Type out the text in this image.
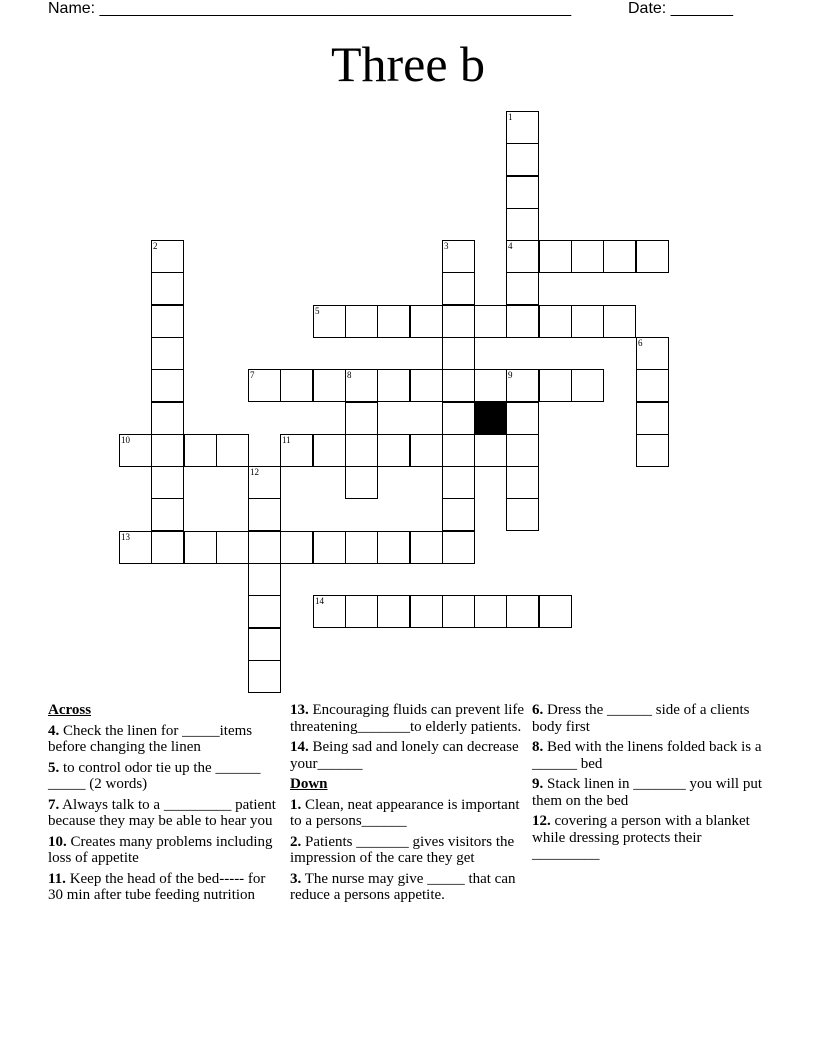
Name: _____________________________________________________	Date: _______
Three b
1
4
2	3
5
6
7	8	9
10	11
12
13
14
Across
4. Check the linen for _____items before changing the linen
5. to control odor tie up the ______ _____ (2 words)
7. Always talk to a _________ patient because they may be able to hear you
10. Creates many problems including loss of appetite
11. Keep the head of the bed----- for 30 min after tube feeding nutrition
13. Encouraging fluids can prevent life threatening_______to elderly patients.
14. Being sad and lonely can decrease your______
Down
1. Clean, neat appearance is important to a persons______
2. Patients _______ gives visitors the impression of the care they get
3. The nurse may give _____ that can reduce a persons appetite.
6. Dress the ______ side of a clients body first
8. Bed with the linens folded back is a ______ bed
9. Stack linen in _______ you will put them on the bed
12. covering a person with a blanket while dressing protects their _________
